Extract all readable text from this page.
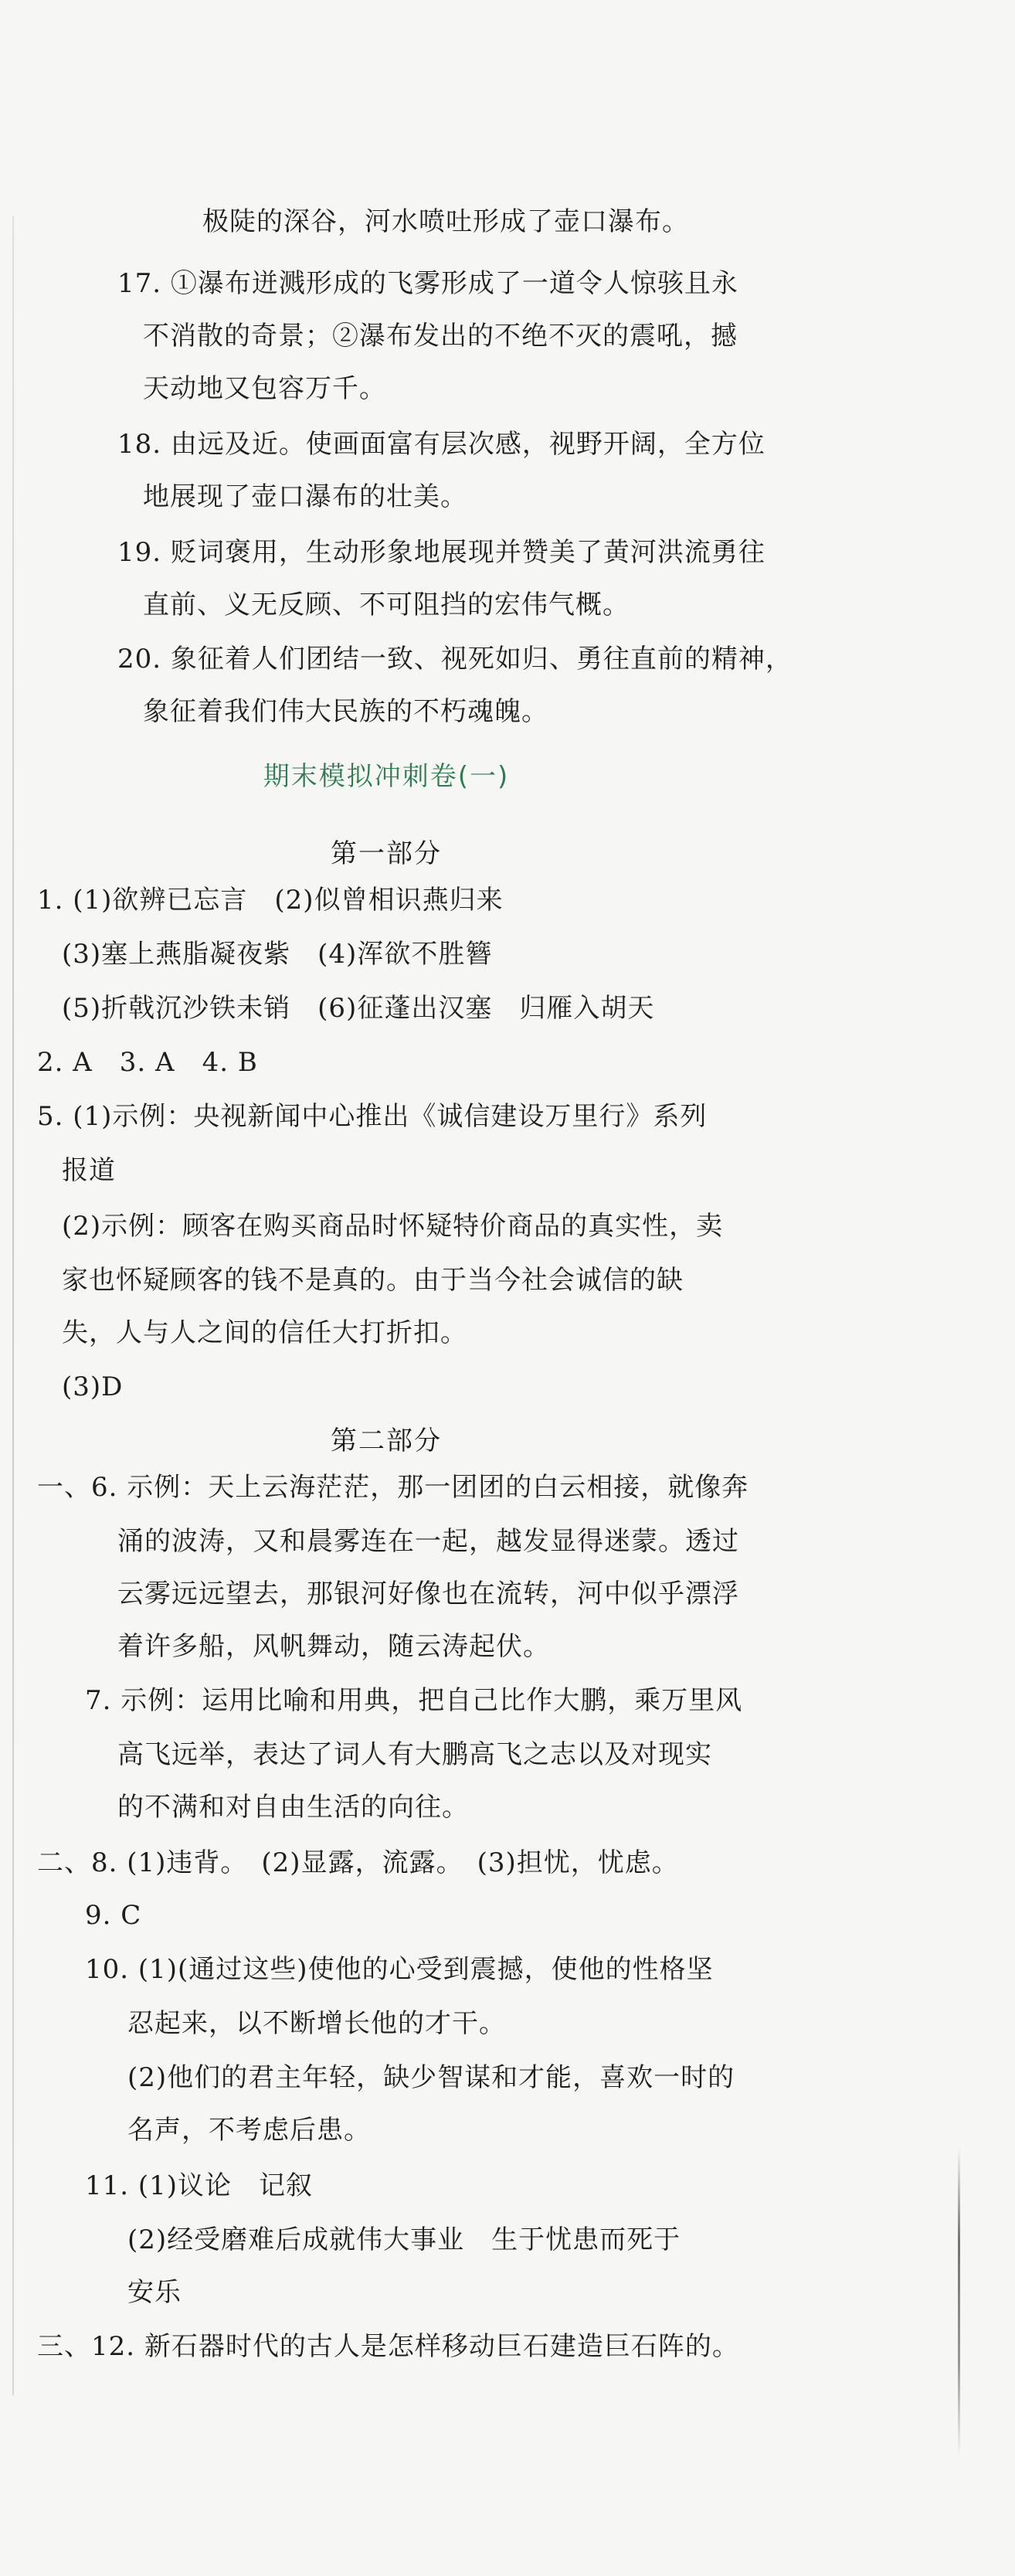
极陡的深谷，河水喷吐形成了壶口瀑布。
17. ①瀑布迸溅形成的飞雾形成了一道令人惊骇且永
不消散的奇景；②瀑布发出的不绝不灭的震吼，撼
天动地又包容万千。
18. 由远及近。使画面富有层次感，视野开阔，全方位
地展现了壶口瀑布的壮美。
19. 贬词褒用，生动形象地展现并赞美了黄河洪流勇往
直前、义无反顾、不可阻挡的宏伟气概。
20. 象征着人们团结一致、视死如归、勇往直前的精神，
象征着我们伟大民族的不朽魂魄。
期末模拟冲刺卷(一)
第一部分
1. (1)欲辨已忘言　(2)似曾相识燕归来
(3)塞上燕脂凝夜紫　(4)浑欲不胜簪
(5)折戟沉沙铁未销　(6)征蓬出汉塞　归雁入胡天
2. A　3. A　4. B
5. (1)示例：央视新闻中心推出《诚信建设万里行》系列
报道
(2)示例：顾客在购买商品时怀疑特价商品的真实性，卖
家也怀疑顾客的钱不是真的。由于当今社会诚信的缺
失，人与人之间的信任大打折扣。
(3)D
第二部分
一、6. 示例：天上云海茫茫，那一团团的白云相接，就像奔
涌的波涛，又和晨雾连在一起，越发显得迷蒙。透过
云雾远远望去，那银河好像也在流转，河中似乎漂浮
着许多船，风帆舞动，随云涛起伏。
7. 示例：运用比喻和用典，把自己比作大鹏，乘万里风
高飞远举，表达了词人有大鹏高飞之志以及对现实
的不满和对自由生活的向往。
二、8. (1)违背。　(2)显露，流露。　(3)担忧，忧虑。
9. C
10. (1)(通过这些)使他的心受到震撼，使他的性格坚
忍起来，以不断增长他的才干。
(2)他们的君主年轻，缺少智谋和才能，喜欢一时的
名声，不考虑后患。
11. (1)议论　记叙
(2)经受磨难后成就伟大事业　生于忧患而死于
安乐
三、12. 新石器时代的古人是怎样移动巨石建造巨石阵的。
